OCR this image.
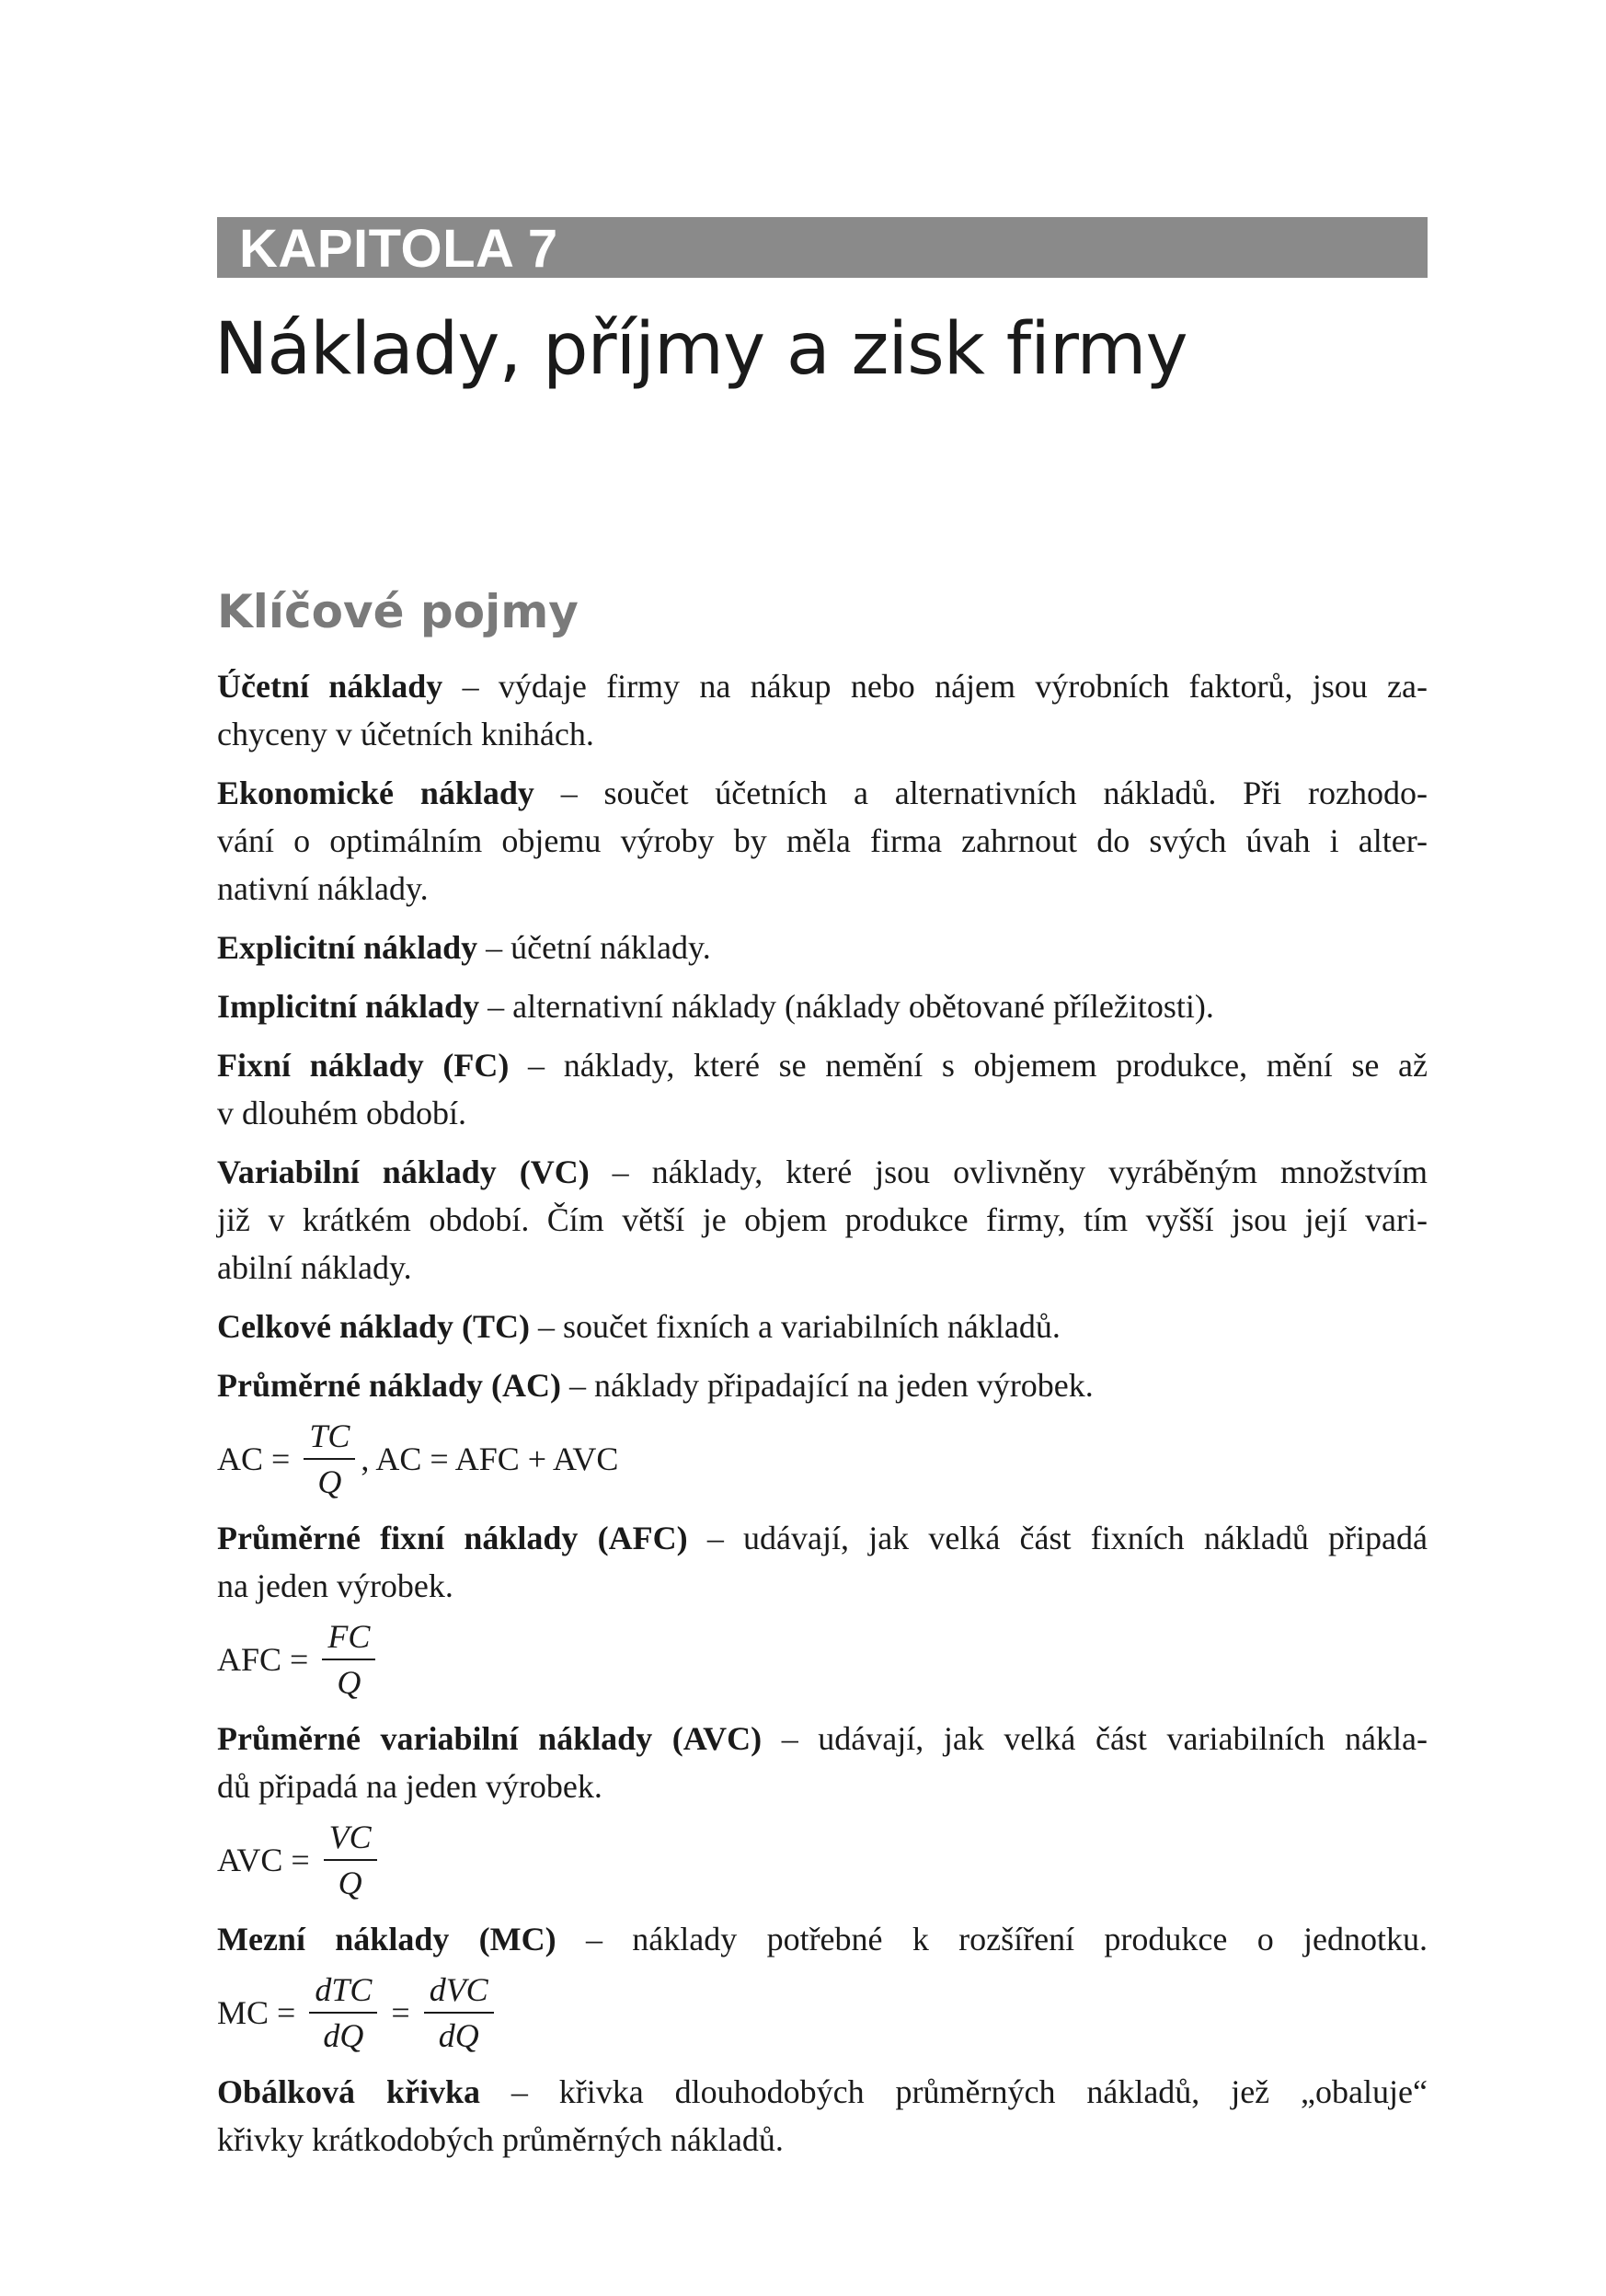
KAPITOLA 7
Náklady, příjmy a zisk firmy
Klíčové pojmy

Účetní náklady – výdaje firmy na nákup nebo nájem výrobních faktorů, jsou za-
chyceny v účetních knihách.

Ekonomické náklady – součet účetních a alternativních nákladů. Při rozhodo-
vání o optimálním objemu výroby by měla firma zahrnout do svých úvah i alter-
nativní náklady.

Explicitní náklady – účetní náklady.

Implicitní náklady – alternativní náklady (náklady obětované příležitosti).

Fixní náklady (FC) – náklady, které se nemění s objemem produkce, mění se až
v dlouhém období.

Variabilní náklady (VC) – náklady, které jsou ovlivněny vyráběným množstvím
již v krátkém období. Čím větší je objem produkce firmy, tím vyšší jsou její vari-
abilní náklady.

Celkové náklady (TC) – součet fixních a variabilních nákladů.

Průměrné náklady (AC) – náklady připadající na jeden výrobek.

AC = $\frac{TC}{Q}$ , AC = AFC + AVC

Průměrné fixní náklady (AFC) – udávají, jak velká část fixních nákladů připadá
na jeden výrobek.

AFC = $\frac{FC}{Q}$

Průměrné variabilní náklady (AVC) – udávají, jak velká část variabilních nákla-
dů připadá na jeden výrobek.

AVC = $\frac{VC}{Q}$

Mezní náklady (MC) – náklady potřebné k rozšíření produkce o jednotku.

MC = $\frac{\text{dTC}}{dQ} = \frac{\text{dVC}}{dQ}$

Obálková křivka – křivka dlouhodobých průměrných nákladů, jež „obaluje“
křivky krátkodobých průměrných nákladů.
